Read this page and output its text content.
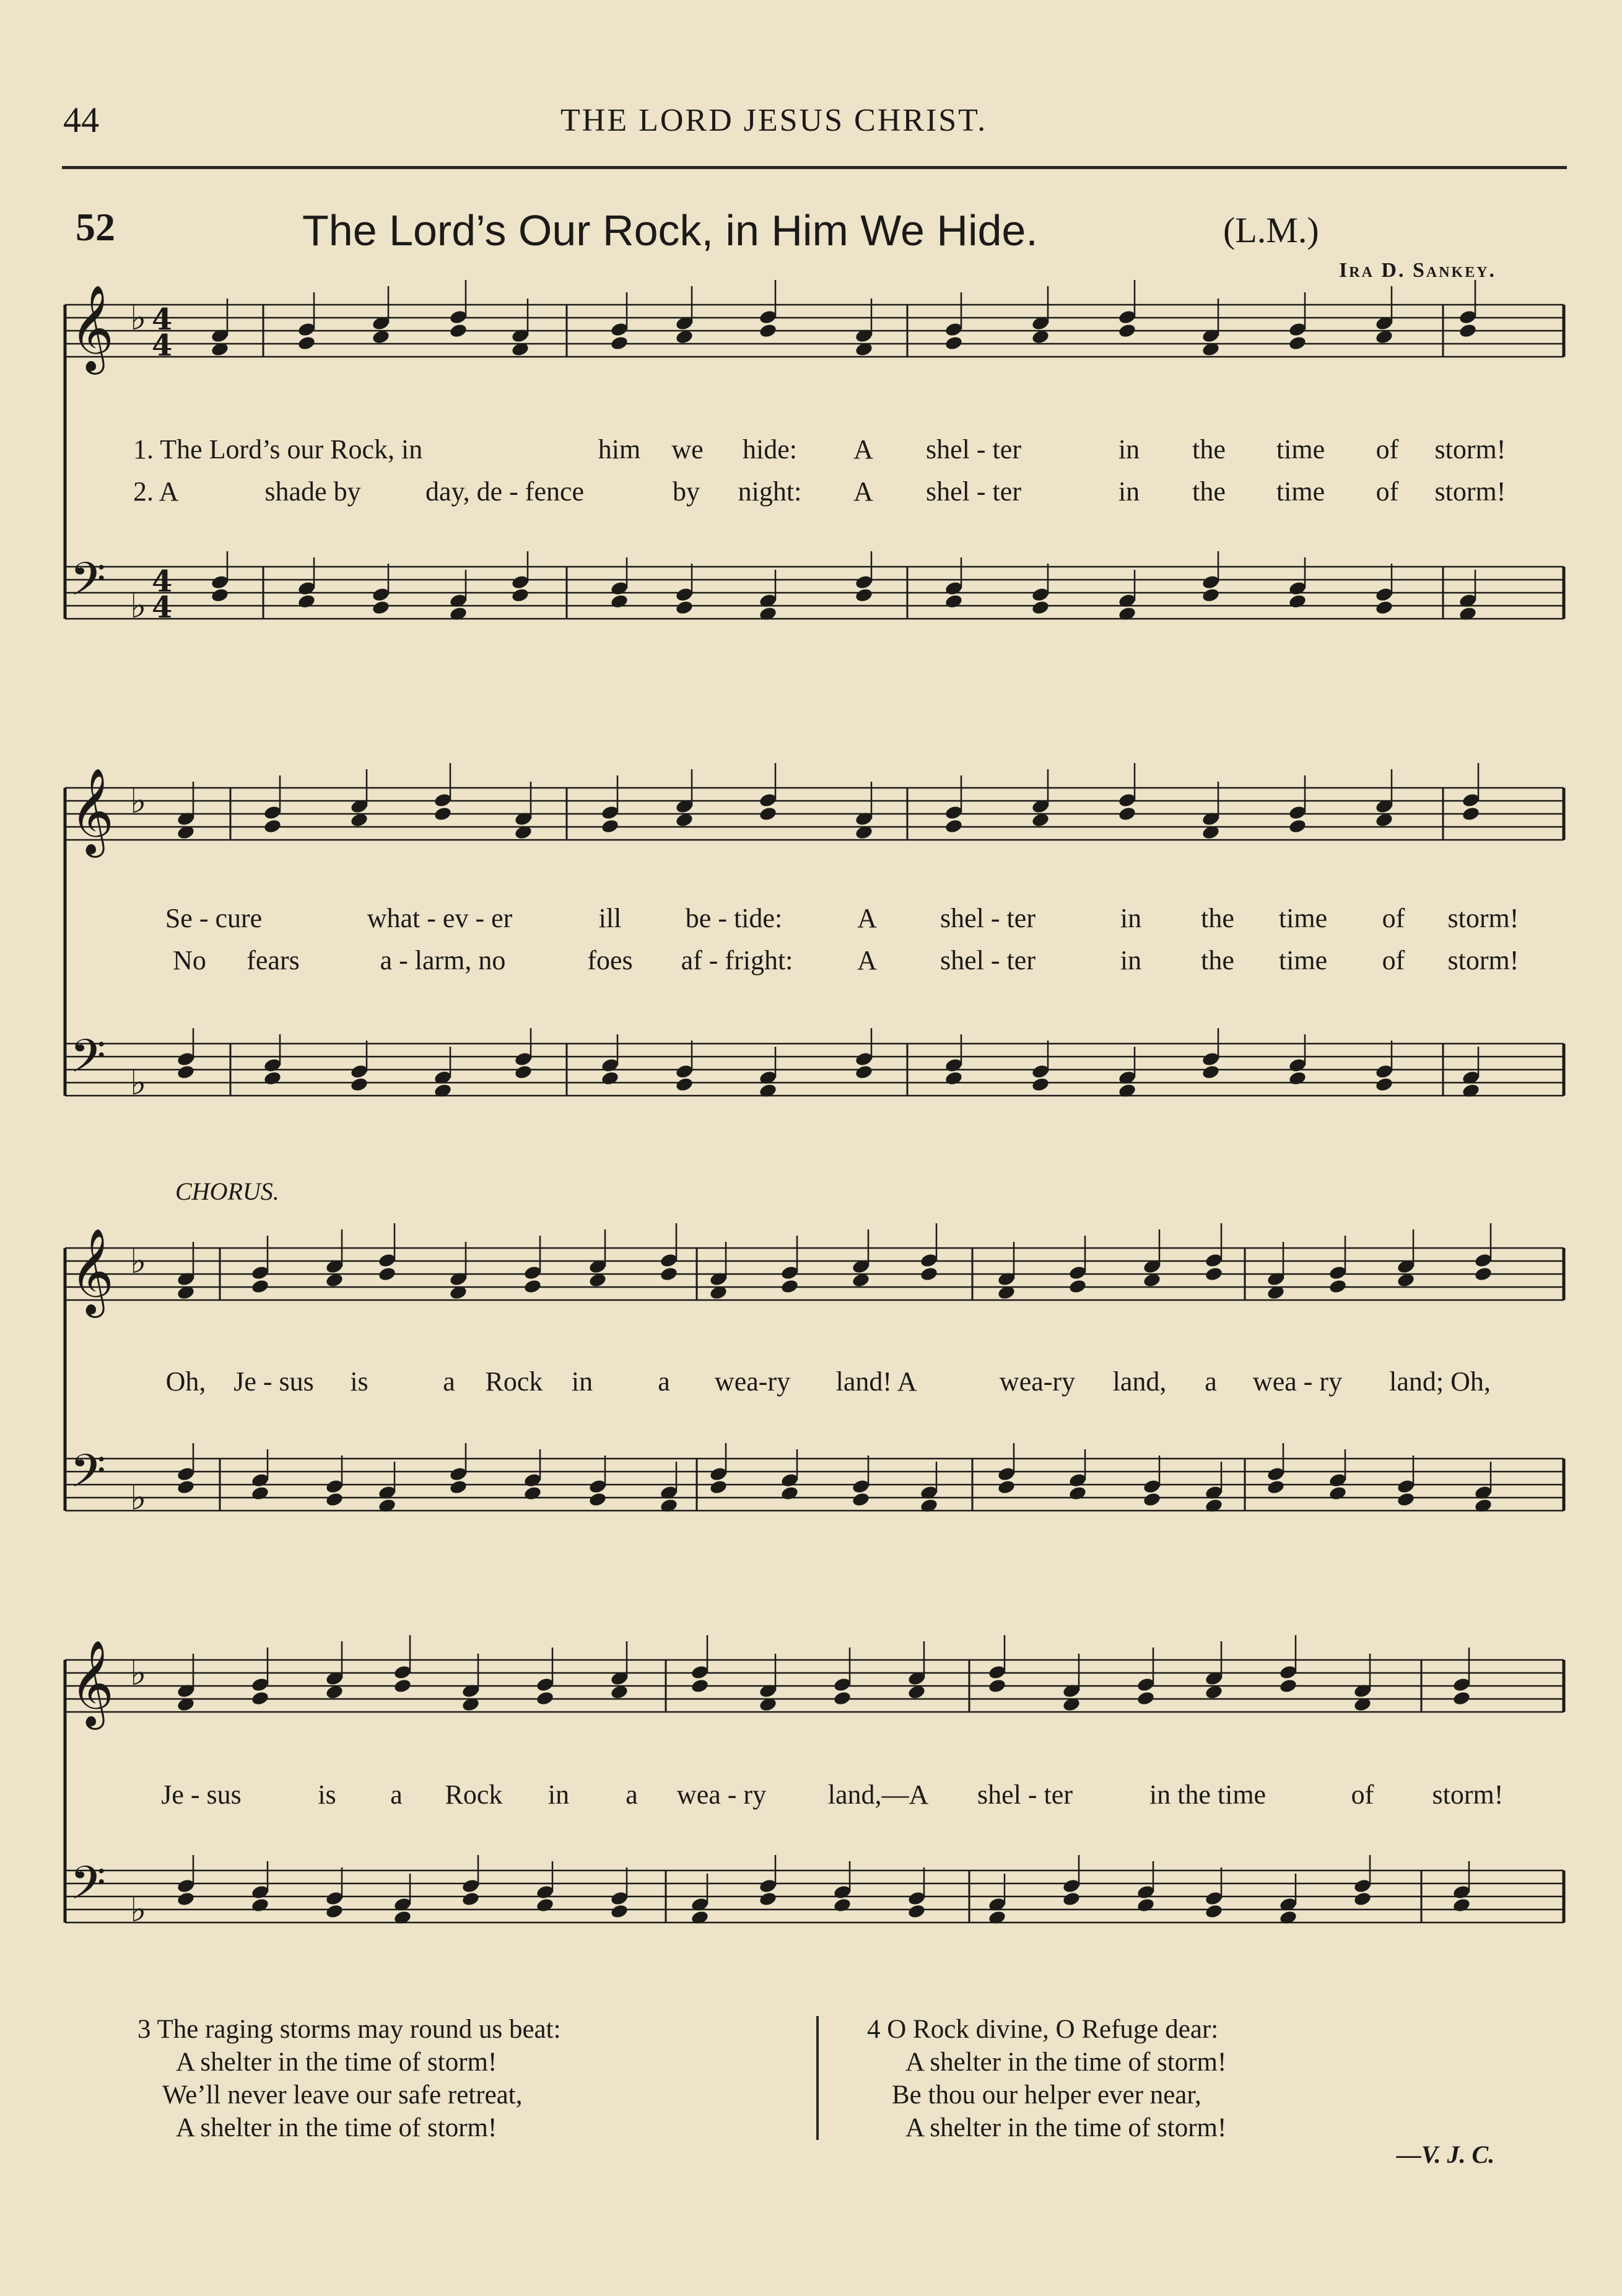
44	THE LORD JESUS CHRIST.
52	The Lord’s Our Rock, in Him We Hide.	(L.M.)
Ira D. Sankey.
𝄞 ♭ 4
4
𝄢 ♭
4
4
1. The Lord’s our Rock, in	him we hide: A shel - ter	in the time of storm!
2. A	shade by day, de - fence	by night: A shel - ter	in the time of storm!
𝄞 ♭
𝄢 ♭
Se - cure	what - ev - er	ill be - tide:	A shel - ter	in the time of storm!
No fears	a - larm, no	foes af - fright: A shel - ter	in the time of storm!
CHORUS.
𝄞 ♭
𝄢 ♭
Oh, Je - sus is	a Rock in a wea-ry land! A	wea-ry land, a wea - ry land; Oh,
𝄞 ♭
𝄢 ♭
Je - sus	is a Rock in a wea - ry land,—A shel - ter	in the time	of storm!
3 The raging storms may round us beat:
A shelter in the time of storm!
We’ll never leave our safe retreat,
A shelter in the time of storm!
4 O Rock divine, O Refuge dear:
A shelter in the time of storm!
Be thou our helper ever near,
A shelter in the time of storm!
—V. J. C.
